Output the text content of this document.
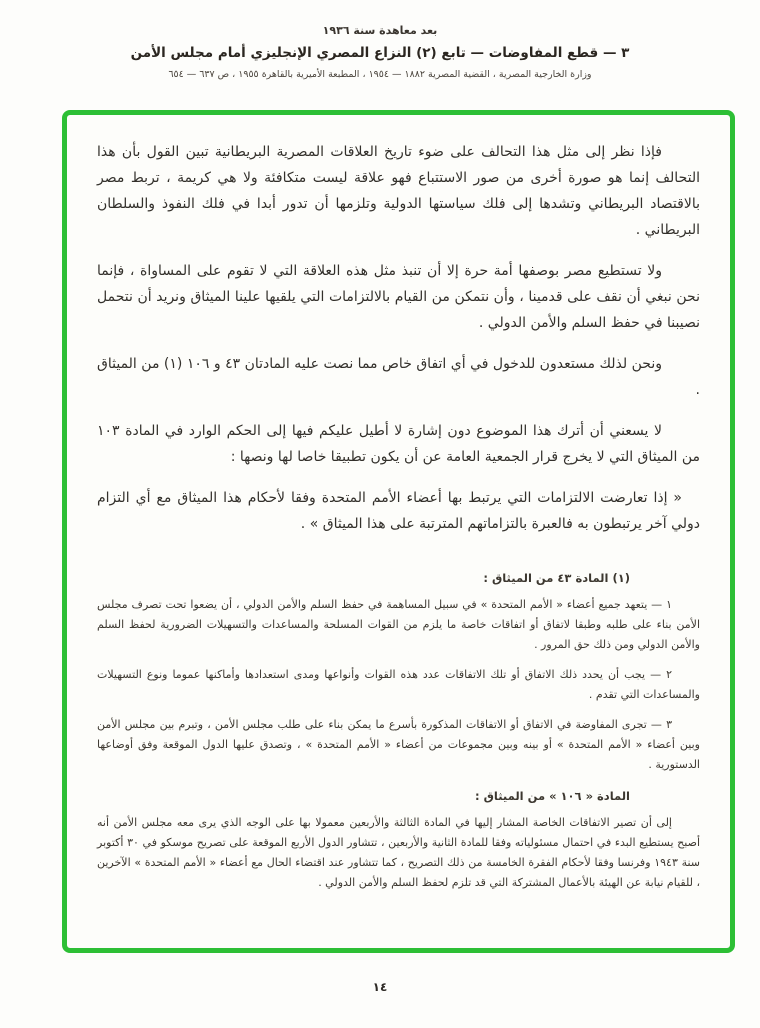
بعد معاهدة سنة ١٩٣٦
٣ — قطع المفاوضات — تابع (٢) النزاع المصري الإنجليزي أمام مجلس الأمن
وزارة الخارجية المصرية ، القضية المصرية ١٨٨٢ — ١٩٥٤ ، المطبعة الأميرية بالقاهرة ١٩٥٥ ، ص ٦٣٧ — ٦٥٤

فإذا نظر إلى مثل هذا التحالف على ضوء تاريخ العلاقات المصرية البريطانية تبين القول بأن هذا التحالف إنما هو صورة أخرى من صور الاستتباع فهو علاقة ليست متكافئة ولا هي كريمة ، تربط مصر بالاقتصاد البريطاني وتشدها إلى فلك سياستها الدولية وتلزمها أن تدور أبدا في فلك النفوذ والسلطان البريطاني .

ولا تستطيع مصر بوصفها أمة حرة إلا أن تنبذ مثل هذه العلاقة التي لا تقوم على المساواة ، فإنما نحن نبغي أن نقف على قدمينا ، وأن نتمكن من القيام بالالتزامات التي يلقيها علينا الميثاق ونريد أن نتحمل نصيبنا في حفظ السلم والأمن الدولي .

ونحن لذلك مستعدون للدخول في أي اتفاق خاص مما نصت عليه المادتان ٤٣ و ١٠٦ (١) من الميثاق .

لا يسعني أن أترك هذا الموضوع دون إشارة لا أطيل عليكم فيها إلى الحكم الوارد في المادة ١٠٣ من الميثاق التي لا يخرج قرار الجمعية العامة عن أن يكون تطبيقا خاصا لها ونصها :

« إذا تعارضت الالتزامات التي يرتبط بها أعضاء الأمم المتحدة وفقا لأحكام هذا الميثاق مع أي التزام دولي آخر يرتبطون به فالعبرة بالتزاماتهم المترتبة على هذا الميثاق » .

(١) المادة ٤٣ من الميثاق :

١ — يتعهد جميع أعضاء « الأمم المتحدة » في سبيل المساهمة في حفظ السلم والأمن الدولي ، أن يضعوا تحت تصرف مجلس الأمن بناء على طلبه وطبقا لاتفاق أو اتفاقات خاصة ما يلزم من القوات المسلحة والمساعدات والتسهيلات الضرورية لحفظ السلم والأمن الدولي ومن ذلك حق المرور .

٢ — يجب أن يحدد ذلك الاتفاق أو تلك الاتفاقات عدد هذه القوات وأنواعها ومدى استعدادها وأماكنها عموما ونوع التسهيلات والمساعدات التي تقدم .

٣ — تجرى المفاوضة في الاتفاق أو الاتفاقات المذكورة بأسرع ما يمكن بناء على طلب مجلس الأمن ، وتبرم بين مجلس الأمن وبين أعضاء « الأمم المتحدة » أو بينه وبين مجموعات من أعضاء « الأمم المتحدة » ، وتصدق عليها الدول الموقعة وفق أوضاعها الدستورية .

المادة « ١٠٦ » من الميثاق :

إلى أن تصير الاتفاقات الخاصة المشار إليها في المادة الثالثة والأربعين معمولا بها على الوجه الذي يرى معه مجلس الأمن أنه أصبح يستطيع البدء في احتمال مسئولياته وفقا للمادة الثانية والأربعين ، تتشاور الدول الأربع الموقعة على تصريح موسكو في ٣٠ أكتوبر سنة ١٩٤٣ وفرنسا وفقا لأحكام الفقرة الخامسة من ذلك التصريح ، كما تتشاور عند اقتضاء الحال مع أعضاء « الأمم المتحدة » الآخرين ، للقيام نيابة عن الهيئة بالأعمال المشتركة التي قد تلزم لحفظ السلم والأمن الدولي .

١٤
